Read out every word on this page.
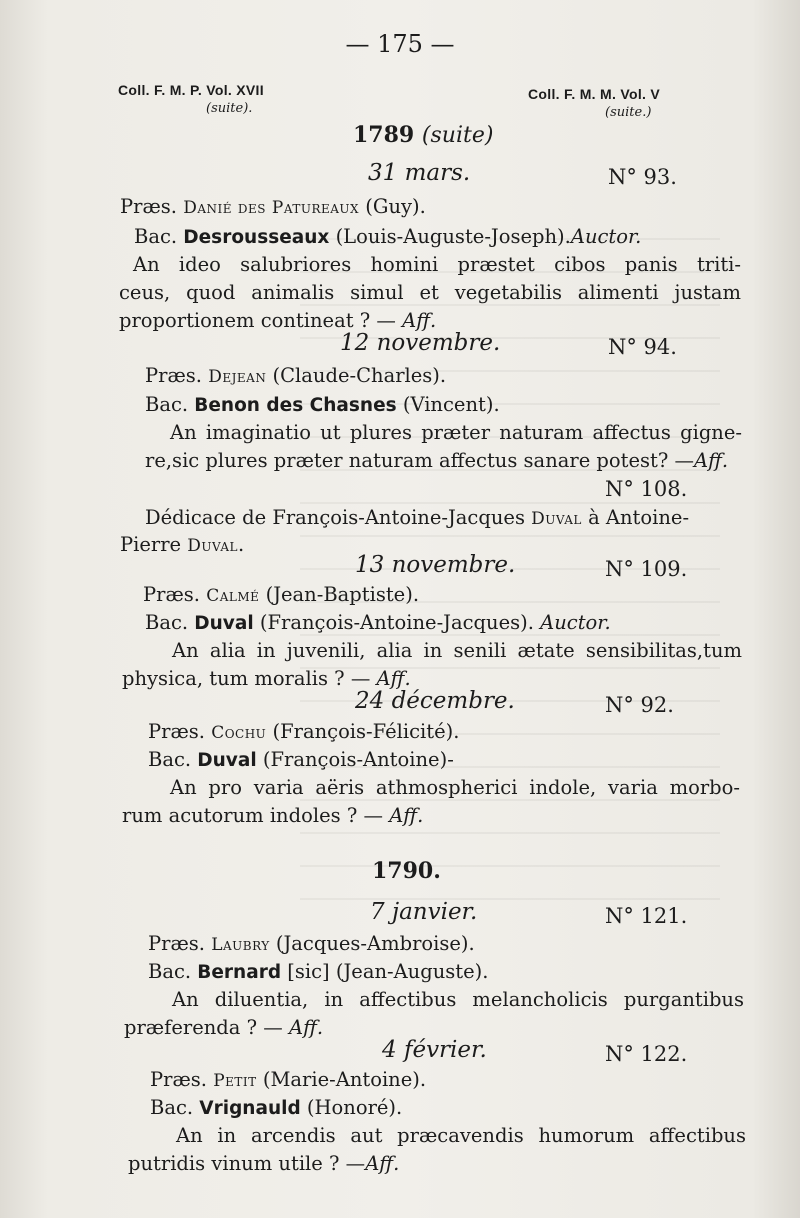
— 175 —
Coll. F. M. P. Vol. XVII
(suite).
Coll. F. M. M. Vol. V
(suite.)
1789 (suite)
31 mars.	N° 93.
Præs. Danié des Patureaux (Guy).
Bac. Desrousseaux (Louis-Auguste-Joseph).Auctor.
An ideo salubriores homini præstet cibos panis triti-
ceus, quod animalis simul et vegetabilis alimenti justam
proportionem contineat ? — Aff.
12 novembre.	N° 94.
Præs. Dejean (Claude-Charles).
Bac. Benon des Chasnes (Vincent).
An imaginatio ut plures præter naturam affectus gigne-
re,sic plures præter naturam affectus sanare potest? —Aff.
N° 108.
Dédicace de François-Antoine-Jacques Duval à Antoine-
Pierre Duval.
13 novembre.	N° 109.
Præs. Calmé (Jean-Baptiste).
Bac. Duval (François-Antoine-Jacques). Auctor.
An alia in juvenili, alia in senili ætate sensibilitas,tum
physica, tum moralis ? — Aff.
24 décembre.	N° 92.
Præs. Cochu (François-Félicité).
Bac. Duval (François-Antoine)-
An pro varia aëris athmospherici indole, varia morbo-
rum acutorum indoles ? — Aff.
1790.
7 janvier.	N° 121.
Præs. Laubry (Jacques-Ambroise).
Bac. Bernard [sic] (Jean-Auguste).
An diluentia, in affectibus melancholicis purgantibus
præferenda ? — Aff.
4 février.	N° 122.
Præs. Petit (Marie-Antoine).
Bac. Vrignauld (Honoré).
An in arcendis aut præcavendis humorum affectibus
putridis vinum utile ? —Aff.
